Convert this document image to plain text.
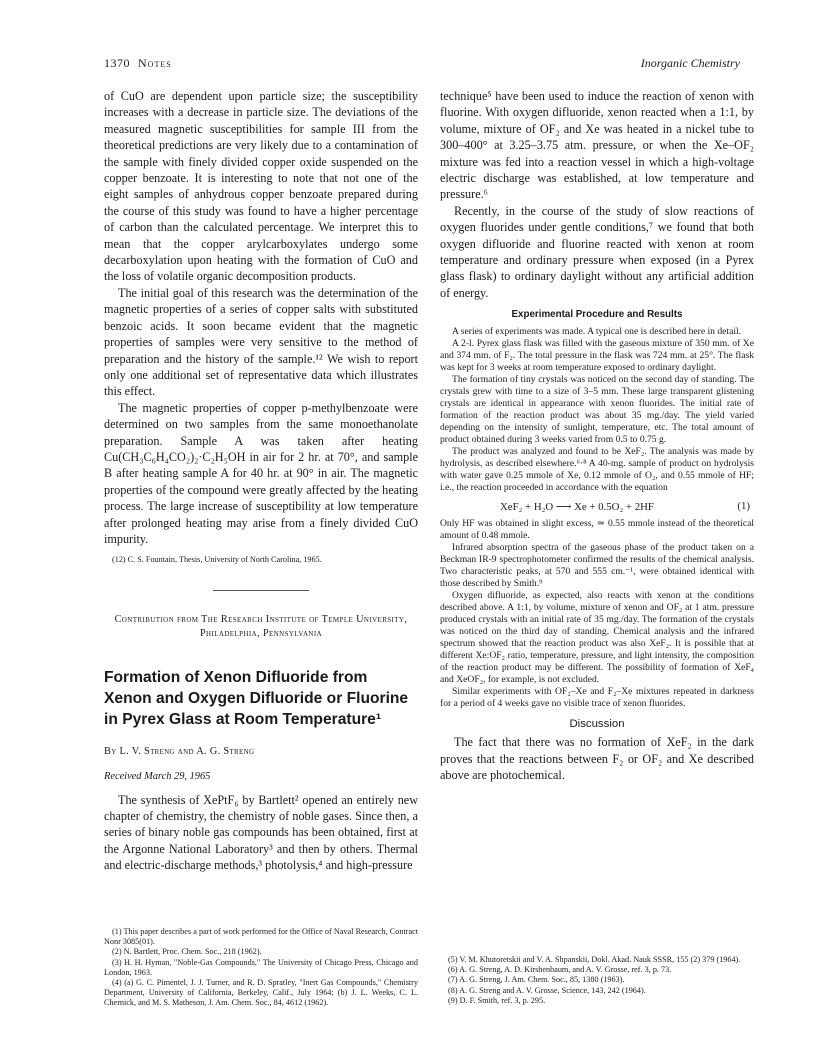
1370 Notes	Inorganic Chemistry

of CuO are dependent upon particle size; the susceptibility increases with a decrease in particle size. The deviations of the measured magnetic susceptibilities for sample III from the theoretical predictions are very likely due to a contamination of the sample with finely divided copper oxide suspended on the copper benzoate. It is interesting to note that not one of the eight samples of anhydrous copper benzoate prepared during the course of this study was found to have a higher percentage of carbon than the calculated percentage. We interpret this to mean that the copper arylcarboxylates undergo some decarboxylation upon heating with the formation of CuO and the loss of volatile organic decomposition products.

The initial goal of this research was the determination of the magnetic properties of a series of copper salts with substituted benzoic acids. It soon became evident that the magnetic properties of samples were very sensitive to the method of preparation and the history of the sample.¹² We wish to report only one additional set of representative data which illustrates this effect.

The magnetic properties of copper p-methylbenzoate were determined on two samples from the same monoethanolate preparation. Sample A was taken after heating Cu(CH₃C₆H₄CO₂)₂·C₂H₅OH in air for 2 hr. at 70°, and sample B after heating sample A for 40 hr. at 90° in air. The magnetic properties of the compound were greatly affected by the heating process. The large increase of susceptibility at low temperature after prolonged heating may arise from a finely divided CuO impurity.

(12) C. S. Fountain, Thesis, University of North Carolina, 1965.

Contribution from The Research Institute of Temple University, Philadelphia, Pennsylvania

Formation of Xenon Difluoride from Xenon and Oxygen Difluoride or Fluorine in Pyrex Glass at Room Temperature¹

By L. V. Streng and A. G. Streng

Received March 29, 1965

The synthesis of XePtF₆ by Bartlett² opened an entirely new chapter of chemistry, the chemistry of noble gases. Since then, a series of binary noble gas compounds has been obtained, first at the Argonne National Laboratory³ and then by others. Thermal and electric-discharge methods,³ photolysis,⁴ and high-pressure

(1) This paper describes a part of work performed for the Office of Naval Research, Contract Nonr 3085(01).

(2) N. Bartlett, Proc. Chem. Soc., 218 (1962).

(3) H. H. Hyman, "Noble-Gas Compounds," The University of Chicago Press, Chicago and London, 1963.

(4) (a) G. C. Pimentel, J. J. Turner, and R. D. Spratley, "Inert Gas Compounds," Chemistry Department, University of California, Berkeley, Calif., July 1964; (b) J. L. Weeks, C. L. Chernick, and M. S. Matheson, J. Am. Chem. Soc., 84, 4612 (1962).

technique⁵ have been used to induce the reaction of xenon with fluorine. With oxygen difluoride, xenon reacted when a 1:1, by volume, mixture of OF₂ and Xe was heated in a nickel tube to 300–400° at 3.25–3.75 atm. pressure, or when the Xe–OF₂ mixture was fed into a reaction vessel in which a high-voltage electric discharge was established, at low temperature and pressure.⁶

Recently, in the course of the study of slow reactions of oxygen fluorides under gentle conditions,⁷ we found that both oxygen difluoride and fluorine reacted with xenon at room temperature and ordinary pressure when exposed (in a Pyrex glass flask) to ordinary daylight without any artificial addition of energy.

Experimental Procedure and Results

A series of experiments was made. A typical one is described here in detail.

A 2-l. Pyrex glass flask was filled with the gaseous mixture of 350 mm. of Xe and 374 mm. of F₂. The total pressure in the flask was 724 mm. at 25°. The flask was kept for 3 weeks at room temperature exposed to ordinary daylight.

The formation of tiny crystals was noticed on the second day of standing. The crystals grew with time to a size of 3–5 mm. These large transparent glistening crystals are identical in appearance with xenon fluorides. The initial rate of formation of the reaction product was about 35 mg./day. The yield varied depending on the intensity of sunlight, temperature, etc. The total amount of product obtained during 3 weeks varied from 0.5 to 0.75 g.

The product was analyzed and found to be XeF₂. The analysis was made by hydrolysis, as described elsewhere.⁶·⁸ A 40-mg. sample of product on hydrolysis with water gave 0.25 mmole of Xe, 0.12 mmole of O₂, and 0.55 mmole of HF; i.e., the reaction proceeded in accordance with the equation

XeF₂ + H₂O ⟶ Xe + 0.5O₂ + 2HF	(1)

Only HF was obtained in slight excess, ≃ 0.55 mmole instead of the theoretical amount of 0.48 mmole.

Infrared absorption spectra of the gaseous phase of the product taken on a Beckman IR-9 spectrophotometer confirmed the results of the chemical analysis. Two characteristic peaks, at 570 and 555 cm.⁻¹, were obtained identical with those described by Smith.⁹

Oxygen difluoride, as expected, also reacts with xenon at the conditions described above. A 1:1, by volume, mixture of xenon and OF₂ at 1 atm. pressure produced crystals with an initial rate of 35 mg./day. The formation of the crystals was noticed on the third day of standing. Chemical analysis and the infrared spectrum showed that the reaction product was also XeF₂. It is possible that at different Xe:OF₂ ratio, temperature, pressure, and light intensity, the composition of the reaction product may be different. The possibility of formation of XeF₄ and XeOF₂, for example, is not excluded.

Similar experiments with OF₂–Xe and F₂–Xe mixtures repeated in darkness for a period of 4 weeks gave no visible trace of xenon fluorides.

Discussion

The fact that there was no formation of XeF₂ in the dark proves that the reactions between F₂ or OF₂ and Xe described above are photochemical.

(5) V. M. Khutoretskii and V. A. Shpanskii, Dokl. Akad. Nauk SSSR, 155 (2) 379 (1964).

(6) A. G. Streng, A. D. Kirshenbaum, and A. V. Grosse, ref. 3, p. 73.

(7) A. G. Streng, J. Am. Chem. Soc., 85, 1380 (1963).

(8) A. G. Streng and A. V. Grosse, Science, 143, 242 (1964).

(9) D. F. Smith, ref. 3, p. 295.
